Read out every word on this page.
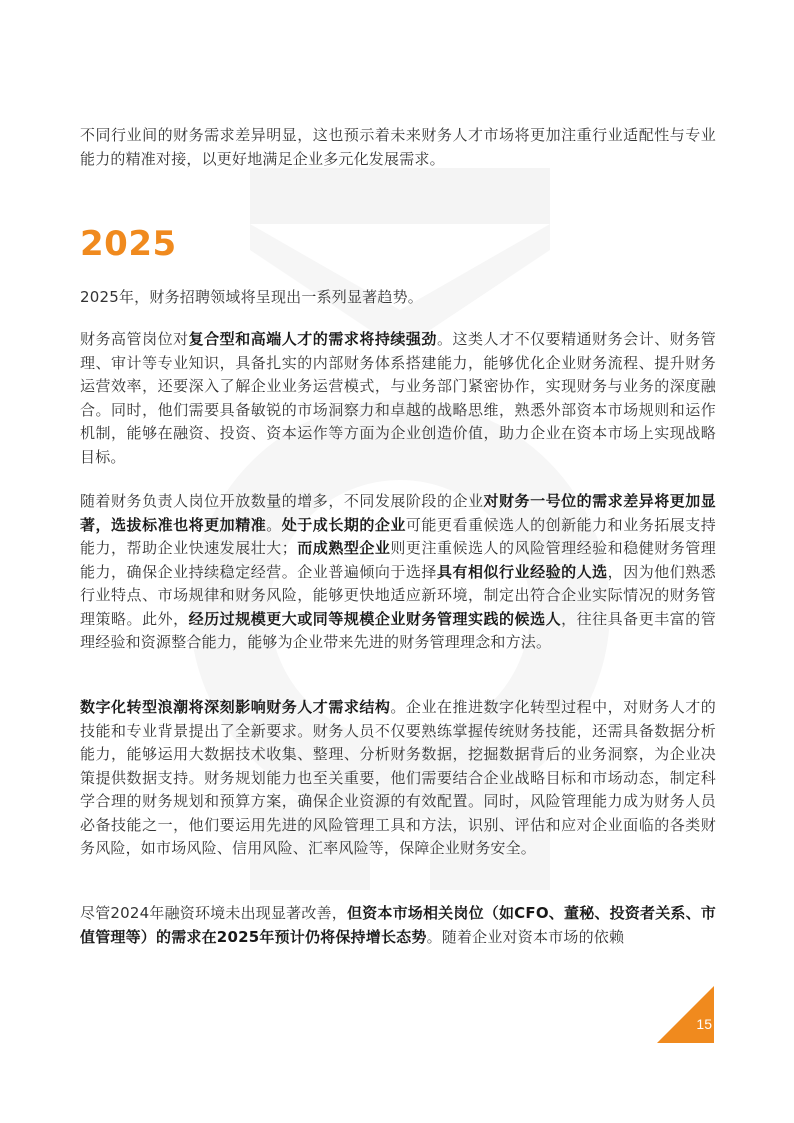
不同行业间的财务需求差异明显，这也预示着未来财务人才市场将更加注重行业适配性与专业能力的精准对接，以更好地满足企业多元化发展需求。

2025

2025年，财务招聘领域将呈现出一系列显著趋势。

财务高管岗位对复合型和高端人才的需求将持续强劲。这类人才不仅要精通财务会计、财务管理、审计等专业知识，具备扎实的内部财务体系搭建能力，能够优化企业财务流程、提升财务运营效率，还要深入了解企业业务运营模式，与业务部门紧密协作，实现财务与业务的深度融合。同时，他们需要具备敏锐的市场洞察力和卓越的战略思维，熟悉外部资本市场规则和运作机制，能够在融资、投资、资本运作等方面为企业创造价值，助力企业在资本市场上实现战略目标。

随着财务负责人岗位开放数量的增多，不同发展阶段的企业对财务一号位的需求差异将更加显著，选拔标准也将更加精准。处于成长期的企业可能更看重候选人的创新能力和业务拓展支持能力，帮助企业快速发展壮大；而成熟型企业则更注重候选人的风险管理经验和稳健财务管理能力，确保企业持续稳定经营。企业普遍倾向于选择具有相似行业经验的人选，因为他们熟悉行业特点、市场规律和财务风险，能够更快地适应新环境，制定出符合企业实际情况的财务管理策略。此外，经历过规模更大或同等规模企业财务管理实践的候选人，往往具备更丰富的管理经验和资源整合能力，能够为企业带来先进的财务管理理念和方法。

数字化转型浪潮将深刻影响财务人才需求结构。企业在推进数字化转型过程中，对财务人才的技能和专业背景提出了全新要求。财务人员不仅要熟练掌握传统财务技能，还需具备数据分析能力，能够运用大数据技术收集、整理、分析财务数据，挖掘数据背后的业务洞察，为企业决策提供数据支持。财务规划能力也至关重要，他们需要结合企业战略目标和市场动态，制定科学合理的财务规划和预算方案，确保企业资源的有效配置。同时，风险管理能力成为财务人员必备技能之一，他们要运用先进的风险管理工具和方法，识别、评估和应对企业面临的各类财务风险，如市场风险、信用风险、汇率风险等，保障企业财务安全。

尽管2024年融资环境未出现显著改善，但资本市场相关岗位（如CFO、董秘、投资者关系、市值管理等）的需求在2025年预计仍将保持增长态势。随着企业对资本市场的依赖

15
